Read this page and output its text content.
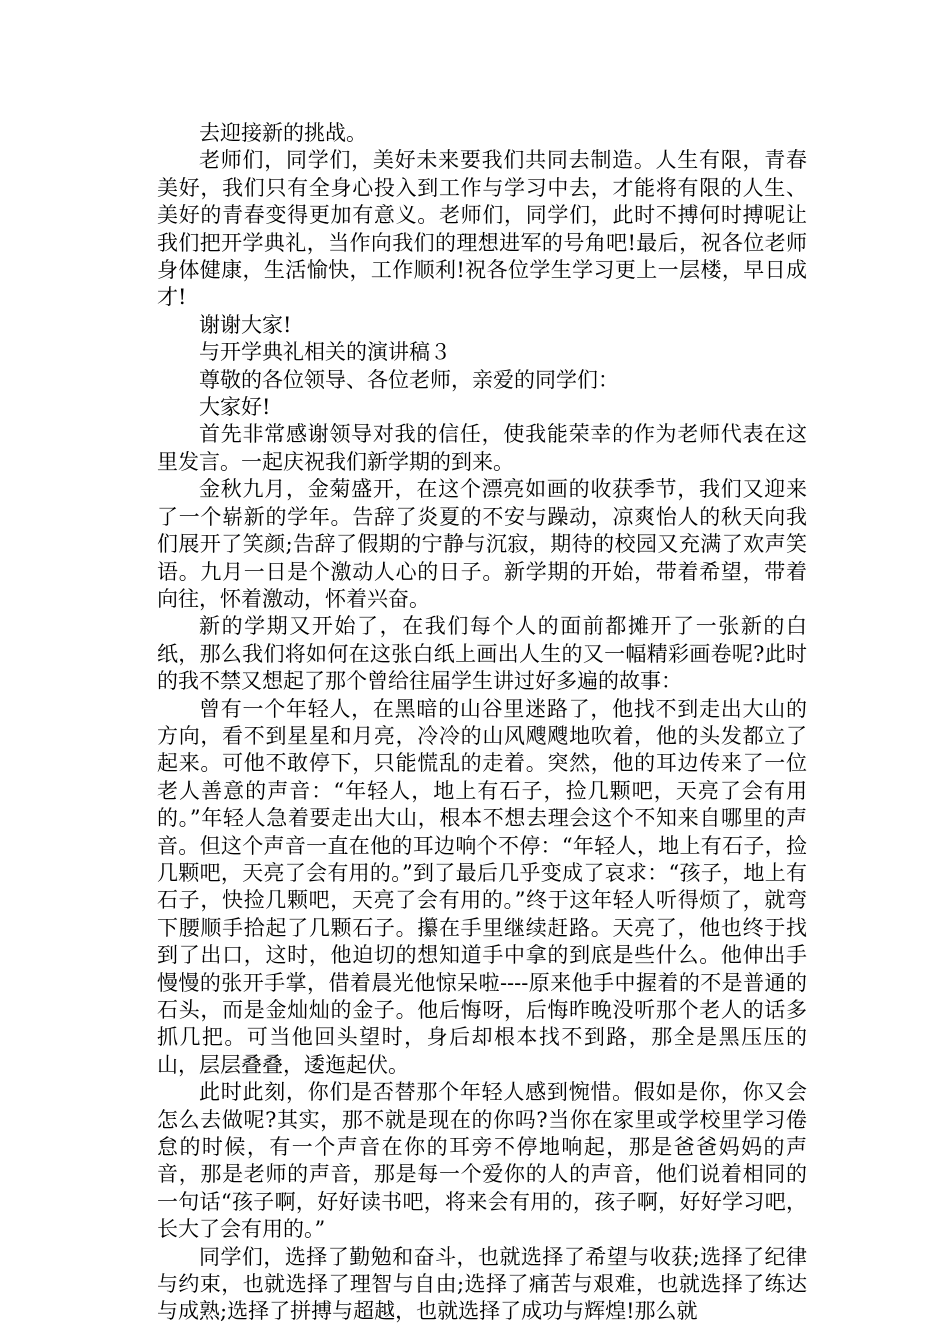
去迎接新的挑战。

老师们，同学们，美好未来要我们共同去制造。人生有限，青春美好，我们只有全身心投入到工作与学习中去，才能将有限的人生、美好的青春变得更加有意义。老师们，同学们，此时不搏何时搏呢让我们把开学典礼，当作向我们的理想进军的号角吧!最后，祝各位老师身体健康，生活愉快，工作顺利!祝各位学生学习更上一层楼，早日成才!

谢谢大家!

与开学典礼相关的演讲稿３

尊敬的各位领导、各位老师，亲爱的同学们：

大家好!

首先非常感谢领导对我的信任，使我能荣幸的作为老师代表在这里发言。一起庆祝我们新学期的到来。

金秋九月，金菊盛开，在这个漂亮如画的收获季节，我们又迎来了一个崭新的学年。告辞了炎夏的不安与躁动，凉爽怡人的秋天向我们展开了笑颜;告辞了假期的宁静与沉寂，期待的校园又充满了欢声笑语。九月一日是个激动人心的日子。新学期的开始，带着希望，带着向往，怀着激动，怀着兴奋。

新的学期又开始了，在我们每个人的面前都摊开了一张新的白纸，那么我们将如何在这张白纸上画出人生的又一幅精彩画卷呢?此时的我不禁又想起了那个曾给往届学生讲过好多遍的故事：

曾有一个年轻人，在黑暗的山谷里迷路了，他找不到走出大山的方向，看不到星星和月亮，冷冷的山风飕飕地吹着，他的头发都立了起来。可他不敢停下，只能慌乱的走着。突然，他的耳边传来了一位老人善意的声音：“年轻人，地上有石子，捡几颗吧，天亮了会有用的。”年轻人急着要走出大山，根本不想去理会这个不知来自哪里的声音。但这个声音一直在他的耳边响个不停：“年轻人，地上有石子，捡几颗吧，天亮了会有用的。”到了最后几乎变成了哀求：“孩子，地上有石子，快捡几颗吧，天亮了会有用的。”终于这年轻人听得烦了，就弯下腰顺手拾起了几颗石子。攥在手里继续赶路。天亮了，他也终于找到了出口，这时，他迫切的想知道手中拿的到底是些什么。他伸出手慢慢的张开手掌，借着晨光他惊呆啦----原来他手中握着的不是普通的石头，而是金灿灿的金子。他后悔呀，后悔昨晚没听那个老人的话多抓几把。可当他回头望时，身后却根本找不到路，那全是黑压压的山，层层叠叠，逶迤起伏。

此时此刻，你们是否替那个年轻人感到惋惜。假如是你，你又会怎么去做呢?其实，那不就是现在的你吗?当你在家里或学校里学习倦怠的时候，有一个声音在你的耳旁不停地响起，那是爸爸妈妈的声音，那是老师的声音，那是每一个爱你的人的声音，他们说着相同的一句话“孩子啊，好好读书吧，将来会有用的，孩子啊，好好学习吧，长大了会有用的。”

同学们，选择了勤勉和奋斗，也就选择了希望与收获;选择了纪律与约束，也就选择了理智与自由;选择了痛苦与艰难，也就选择了练达与成熟;选择了拼搏与超越，也就选择了成功与辉煌!那么就
